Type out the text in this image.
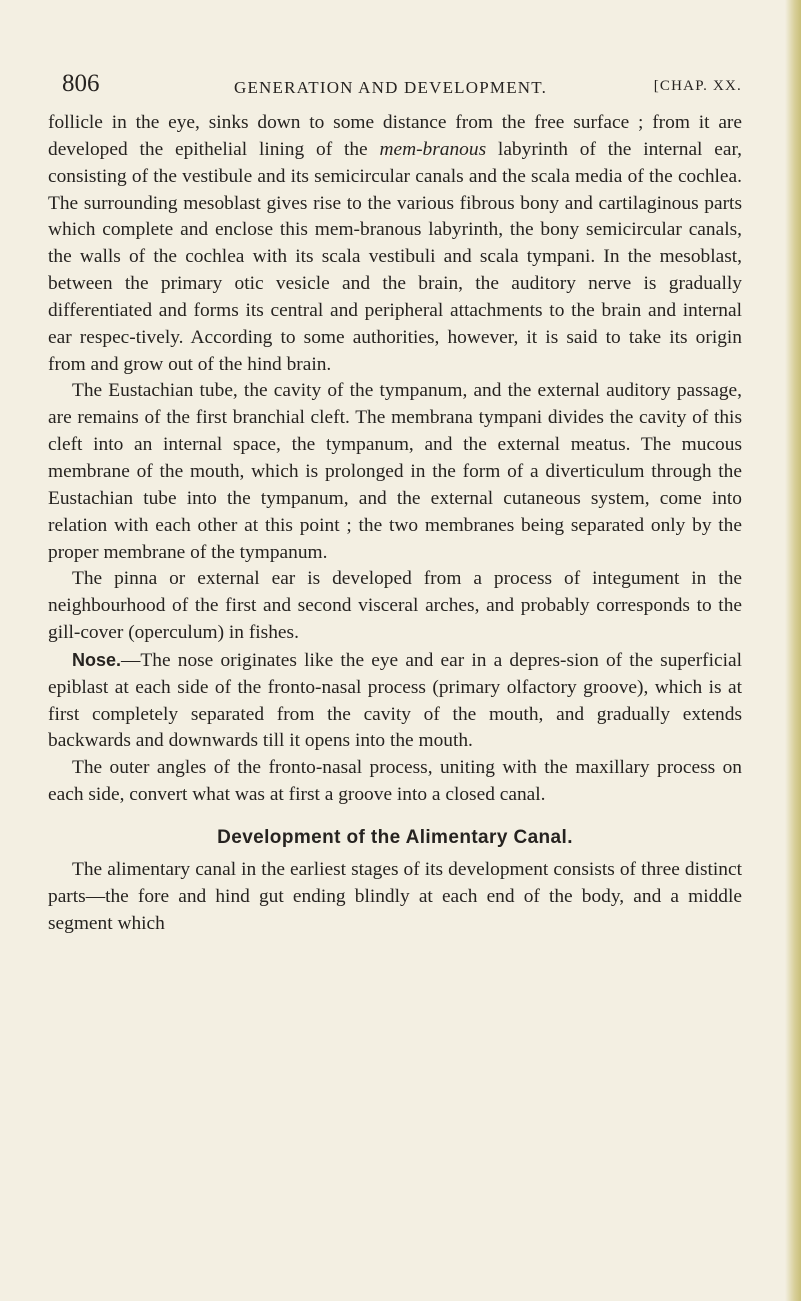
806	GENERATION AND DEVELOPMENT.	[CHAP. XX.

follicle in the eye, sinks down to some distance from the free surface ; from it are developed the epithelial lining of the mem-branous labyrinth of the internal ear, consisting of the vestibule and its semicircular canals and the scala media of the cochlea. The surrounding mesoblast gives rise to the various fibrous bony and cartilaginous parts which complete and enclose this mem-branous labyrinth, the bony semicircular canals, the walls of the cochlea with its scala vestibuli and scala tympani. In the mesoblast, between the primary otic vesicle and the brain, the auditory nerve is gradually differentiated and forms its central and peripheral attachments to the brain and internal ear respec-tively. According to some authorities, however, it is said to take its origin from and grow out of the hind brain.

The Eustachian tube, the cavity of the tympanum, and the external auditory passage, are remains of the first branchial cleft. The membrana tympani divides the cavity of this cleft into an internal space, the tympanum, and the external meatus. The mucous membrane of the mouth, which is prolonged in the form of a diverticulum through the Eustachian tube into the tympanum, and the external cutaneous system, come into relation with each other at this point ; the two membranes being separated only by the proper membrane of the tympanum.

The pinna or external ear is developed from a process of integument in the neighbourhood of the first and second visceral arches, and probably corresponds to the gill-cover (operculum) in fishes.

Nose.—The nose originates like the eye and ear in a depres-sion of the superficial epiblast at each side of the fronto-nasal process (primary olfactory groove), which is at first completely separated from the cavity of the mouth, and gradually extends backwards and downwards till it opens into the mouth.

The outer angles of the fronto-nasal process, uniting with the maxillary process on each side, convert what was at first a groove into a closed canal.

Development of the Alimentary Canal.

The alimentary canal in the earliest stages of its development consists of three distinct parts—the fore and hind gut ending blindly at each end of the body, and a middle segment which
